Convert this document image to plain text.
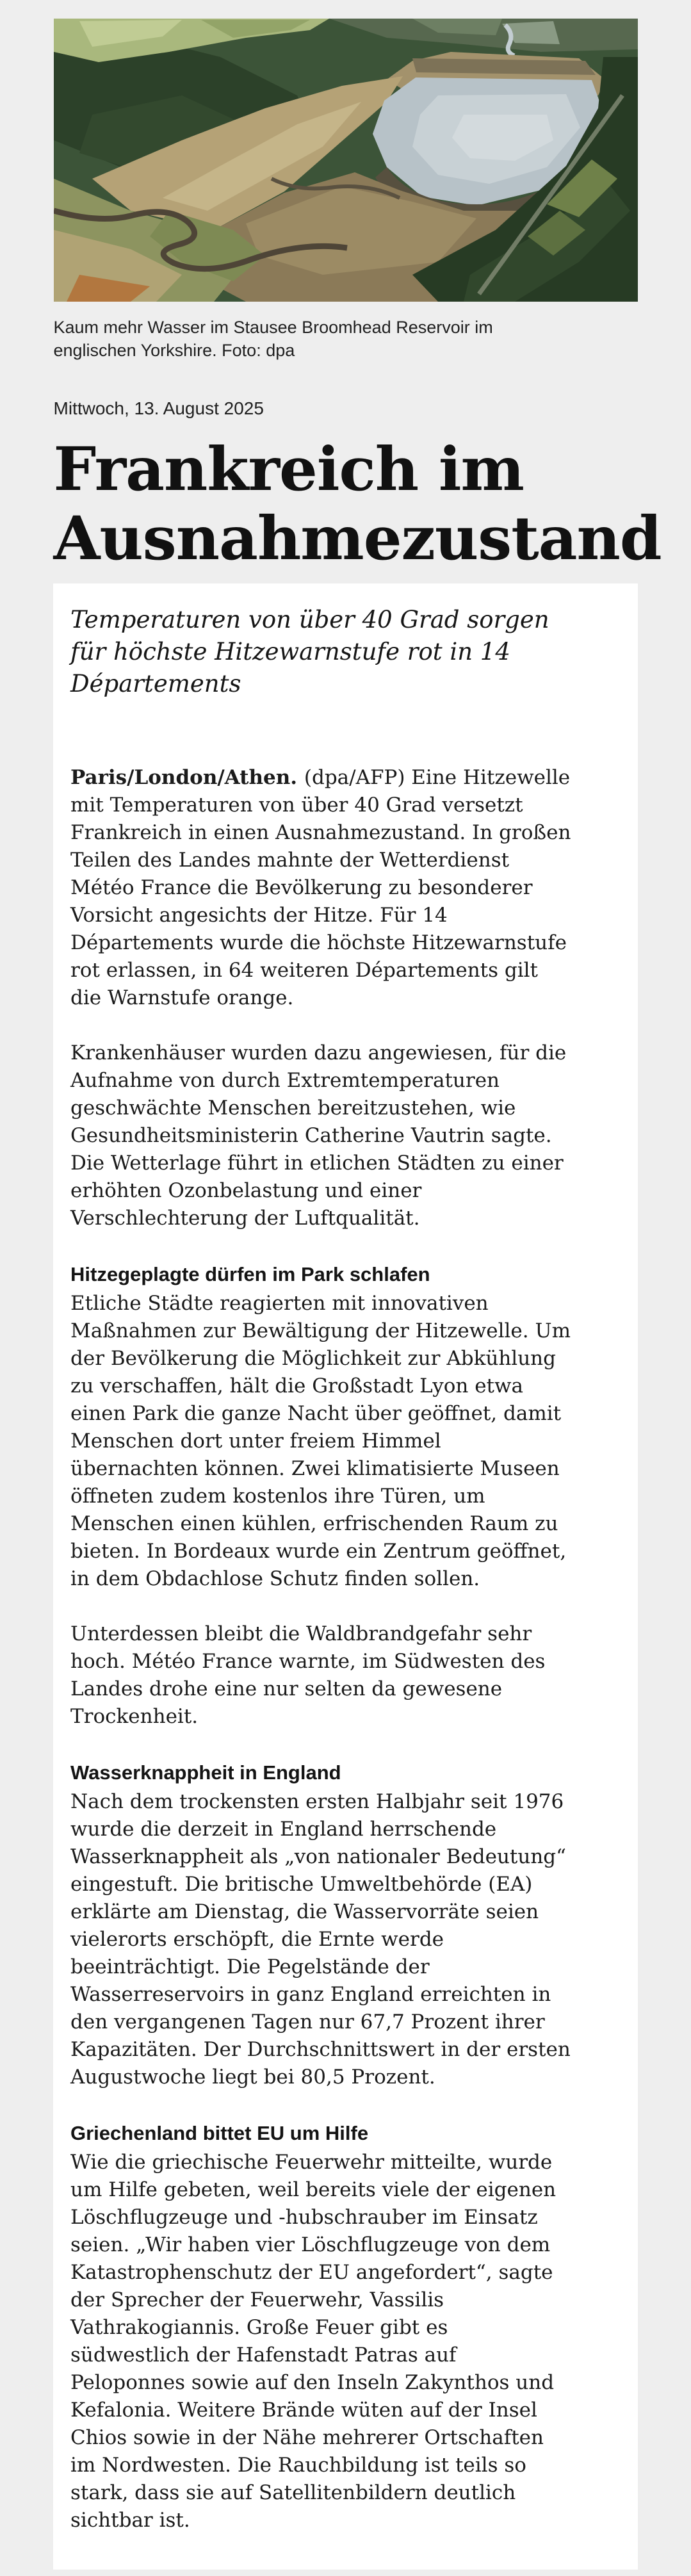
Kaum mehr Wasser im Stausee Broomhead Reservoir im englischen Yorkshire. Foto: dpa

Mittwoch, 13. August 2025

Frankreich im Ausnahmezustand

Temperaturen von über 40 Grad sorgen für höchste Hitzewarnstufe rot in 14 Départements

Paris/London/Athen. (dpa/AFP) Eine Hitzewelle mit Temperaturen von über 40 Grad versetzt Frankreich in einen Ausnahmezustand. In großen Teilen des Landes mahnte der Wetterdienst Météo France die Bevölkerung zu besonderer Vorsicht angesichts der Hitze. Für 14 Départements wurde die höchste Hitzewarnstufe rot erlassen, in 64 weiteren Départements gilt die Warnstufe orange.

Krankenhäuser wurden dazu angewiesen, für die Aufnahme von durch Extremtemperaturen geschwächte Menschen bereitzustehen, wie Gesundheitsministerin Catherine Vautrin sagte. Die Wetterlage führt in etlichen Städten zu einer erhöhten Ozonbelastung und einer Verschlechterung der Luftqualität.

Hitzegeplagte dürfen im Park schlafen

Etliche Städte reagierten mit innovativen Maßnahmen zur Bewältigung der Hitzewelle. Um der Bevölkerung die Möglichkeit zur Abkühlung zu verschaffen, hält die Großstadt Lyon etwa einen Park die ganze Nacht über geöffnet, damit Menschen dort unter freiem Himmel übernachten können. Zwei klimatisierte Museen öffneten zudem kostenlos ihre Türen, um Menschen einen kühlen, erfrischenden Raum zu bieten. In Bordeaux wurde ein Zentrum geöffnet, in dem Obdachlose Schutz finden sollen.

Unterdessen bleibt die Waldbrandgefahr sehr hoch. Météo France warnte, im Südwesten des Landes drohe eine nur selten da gewesene Trockenheit.

Wasserknappheit in England

Nach dem trockensten ersten Halbjahr seit 1976 wurde die derzeit in England herrschende Wasserknappheit als „von nationaler Bedeutung“ eingestuft. Die britische Umweltbehörde (EA) erklärte am Dienstag, die Wasservorräte seien vielerorts erschöpft, die Ernte werde beeinträchtigt. Die Pegelstände der Wasserreservoirs in ganz England erreichten in den vergangenen Tagen nur 67,7 Prozent ihrer Kapazitäten. Der Durchschnittswert in der ersten Augustwoche liegt bei 80,5 Prozent.

Griechenland bittet EU um Hilfe

Wie die griechische Feuerwehr mitteilte, wurde um Hilfe gebeten, weil bereits viele der eigenen Löschflugzeuge und -hubschrauber im Einsatz seien. „Wir haben vier Löschflugzeuge von dem Katastrophenschutz der EU angefordert“, sagte der Sprecher der Feuerwehr, Vassilis Vathrakogiannis. Große Feuer gibt es südwestlich der Hafenstadt Patras auf Peloponnes sowie auf den Inseln Zakynthos und Kefalonia. Weitere Brände wüten auf der Insel Chios sowie in der Nähe mehrerer Ortschaften im Nordwesten. Die Rauchbildung ist teils so stark, dass sie auf Satellitenbildern deutlich sichtbar ist.
